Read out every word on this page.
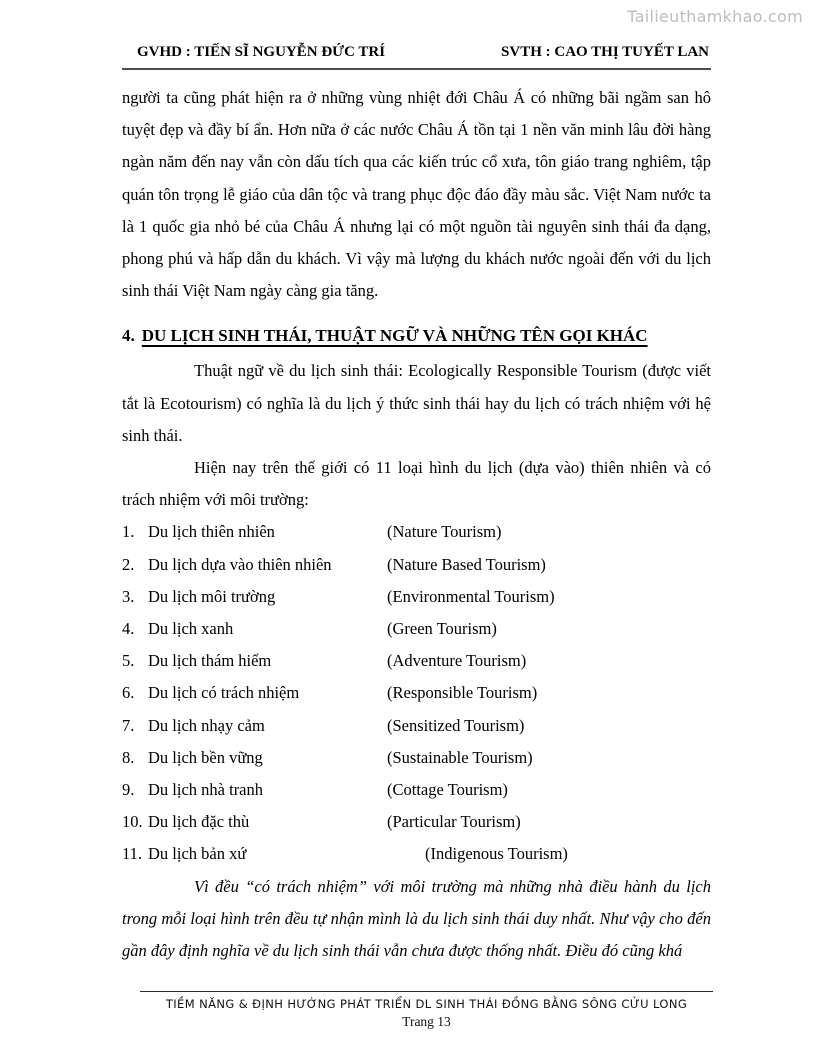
Tailieuthamkhao.com
GVHD : TIẾN SĨ NGUYỄN ĐỨC TRÍ	SVTH : CAO THỊ TUYẾT LAN

người ta cũng phát hiện ra ở những vùng nhiệt đới Châu Á có những bãi ngầm san hô tuyệt đẹp và đầy bí ẩn. Hơn nữa ở các nước Châu Á tồn tại 1 nền văn minh lâu đời hàng ngàn năm đến nay vẫn còn dấu tích qua các kiến trúc cổ xưa, tôn giáo trang nghiêm, tập quán tôn trọng lễ giáo của dân tộc và trang phục độc đáo đầy màu sắc. Việt Nam nước ta là 1 quốc gia nhỏ bé của Châu Á nhưng lại có một nguồn tài nguyên sinh thái đa dạng, phong phú và hấp dẫn du khách. Vì vậy mà lượng du khách nước ngoài đến với du lịch sinh thái Việt Nam ngày càng gia tăng.

4. DU LỊCH SINH THÁI, THUẬT NGỮ VÀ NHỮNG TÊN GỌI KHÁC

Thuật ngữ về du lịch sinh thái: Ecologically Responsible Tourism (được viết tắt là Ecotourism) có nghĩa là du lịch ý thức sinh thái hay du lịch có trách nhiệm với hệ sinh thái.

Hiện nay trên thế giới có 11 loại hình du lịch (dựa vào) thiên nhiên và có trách nhiệm với môi trường:

1. Du lịch thiên nhiên	(Nature Tourism)
2. Du lịch dựa vào thiên nhiên	(Nature Based Tourism)
3. Du lịch môi trường	(Environmental Tourism)
4. Du lịch xanh	(Green Tourism)
5. Du lịch thám hiểm	(Adventure Tourism)
6. Du lịch có trách nhiệm	(Responsible Tourism)
7. Du lịch nhạy cảm	(Sensitized Tourism)
8. Du lịch bền vững	(Sustainable Tourism)
9. Du lịch nhà tranh	(Cottage Tourism)
10. Du lịch đặc thù	(Particular Tourism)
11. Du lịch bản xứ	(Indigenous Tourism)

Vì đều “có trách nhiệm” với môi trường mà những nhà điều hành du lịch trong mỗi loại hình trên đều tự nhận mình là du lịch sinh thái duy nhất. Như vậy cho đến gần đây định nghĩa về du lịch sinh thái vẫn chưa được thống nhất. Điều đó cũng khá

TIỀM NĂNG & ĐỊNH HƯỚNG PHÁT TRIỂN DL SINH THÁI ĐỒNG BẰNG SÔNG CỬU LONG
Trang 13
